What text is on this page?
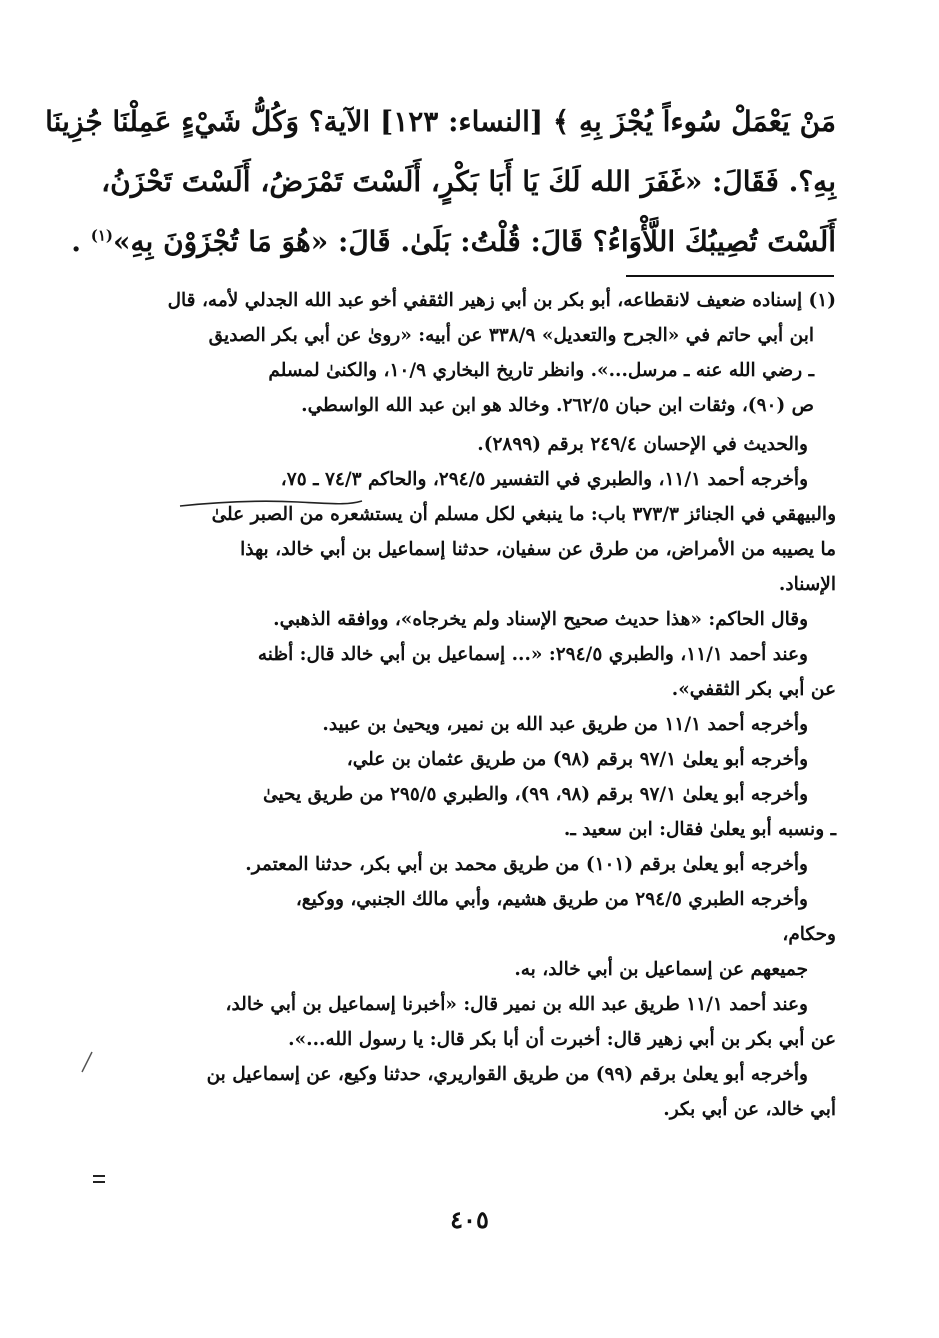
مَنْ يَعْمَلْ سُوءاً يُجْزَ بِهِ ﴾ [النساء: ١٢٣] الآية؟ وَكُلُّ شَيْءٍ عَمِلْنَا جُزِينَا
بِهِ؟. فَقَالَ: «غَفَرَ الله لَكَ يَا أَبَا بَكْرٍ، أَلَسْتَ تَمْرَضُ، أَلَسْتَ تَحْزَنُ،
أَلَسْتَ تُصِيبُكَ اللَّأْوَاءُ؟ قَالَ: قُلْتُ: بَلَىٰ. قَالَ: «هُوَ مَا تُجْزَوْنَ بِهِ»$^{(١)}$ .
(١) إسناده ضعيف لانقطاعه، أبو بكر بن أبي زهير الثقفي أخو عبد الله الجدلي لأمه، قال
ابن أبي حاتم في «الجرح والتعديل» ٣٣٨/٩ عن أبيه: «روىٰ عن أبي بكر الصديق
ـ رضي الله عنه ـ مرسل...». وانظر تاريخ البخاري ١٠/٩، والكنىٰ لمسلم
ص (٩٠)، وثقات ابن حبان ٢٦٢/٥. وخالد هو ابن عبد الله الواسطي.
والحديث في الإحسان ٢٤٩/٤ برقم (٢٨٩٩).
وأخرجه أحمد ١١/١، والطبري في التفسير ٢٩٤/٥، والحاكم ٧٤/٣ ـ ٧٥،
والبيهقي في الجنائز ٣٧٣/٣ باب: ما ينبغي لكل مسلم أن يستشعره من الصبر علىٰ
ما يصيبه من الأمراض، من طرق عن سفيان، حدثنا إسماعيل بن أبي خالد، بهذا
الإسناد.
وقال الحاكم: «هذا حديث صحيح الإسناد ولم يخرجاه»، ووافقه الذهبي.
وعند أحمد ١١/١، والطبري ٢٩٤/٥: «... إسماعيل بن أبي خالد قال: أظنه
عن أبي بكر الثقفي».
وأخرجه أحمد ١١/١ من طريق عبد الله بن نمير، ويحيىٰ بن عبيد.
وأخرجه أبو يعلىٰ ٩٧/١ برقم (٩٨) من طريق عثمان بن علي،
وأخرجه أبو يعلىٰ ٩٧/١ برقم (٩٨، ٩٩)، والطبري ٢٩٥/٥ من طريق يحيىٰ
ـ ونسبه أبو يعلىٰ فقال: ابن سعيد ـ.
وأخرجه أبو يعلىٰ برقم (١٠١) من طريق محمد بن أبي بكر، حدثنا المعتمر.
وأخرجه الطبري ٢٩٤/٥ من طريق هشيم، وأبي مالك الجنبي، ووكيع،
وحكام،
جميعهم عن إسماعيل بن أبي خالد، به.
وعند أحمد ١١/١ طريق عبد الله بن نمير قال: «أخبرنا إسماعيل بن أبي خالد،
عن أبي بكر بن أبي زهير قال: أخبرت أن أبا بكر قال: يا رسول الله...».
وأخرجه أبو يعلىٰ برقم (٩٩) من طريق القواريري، حدثنا وكيع، عن إسماعيل بن
أبي خالد، عن أبي بكر.
٤٠٥
